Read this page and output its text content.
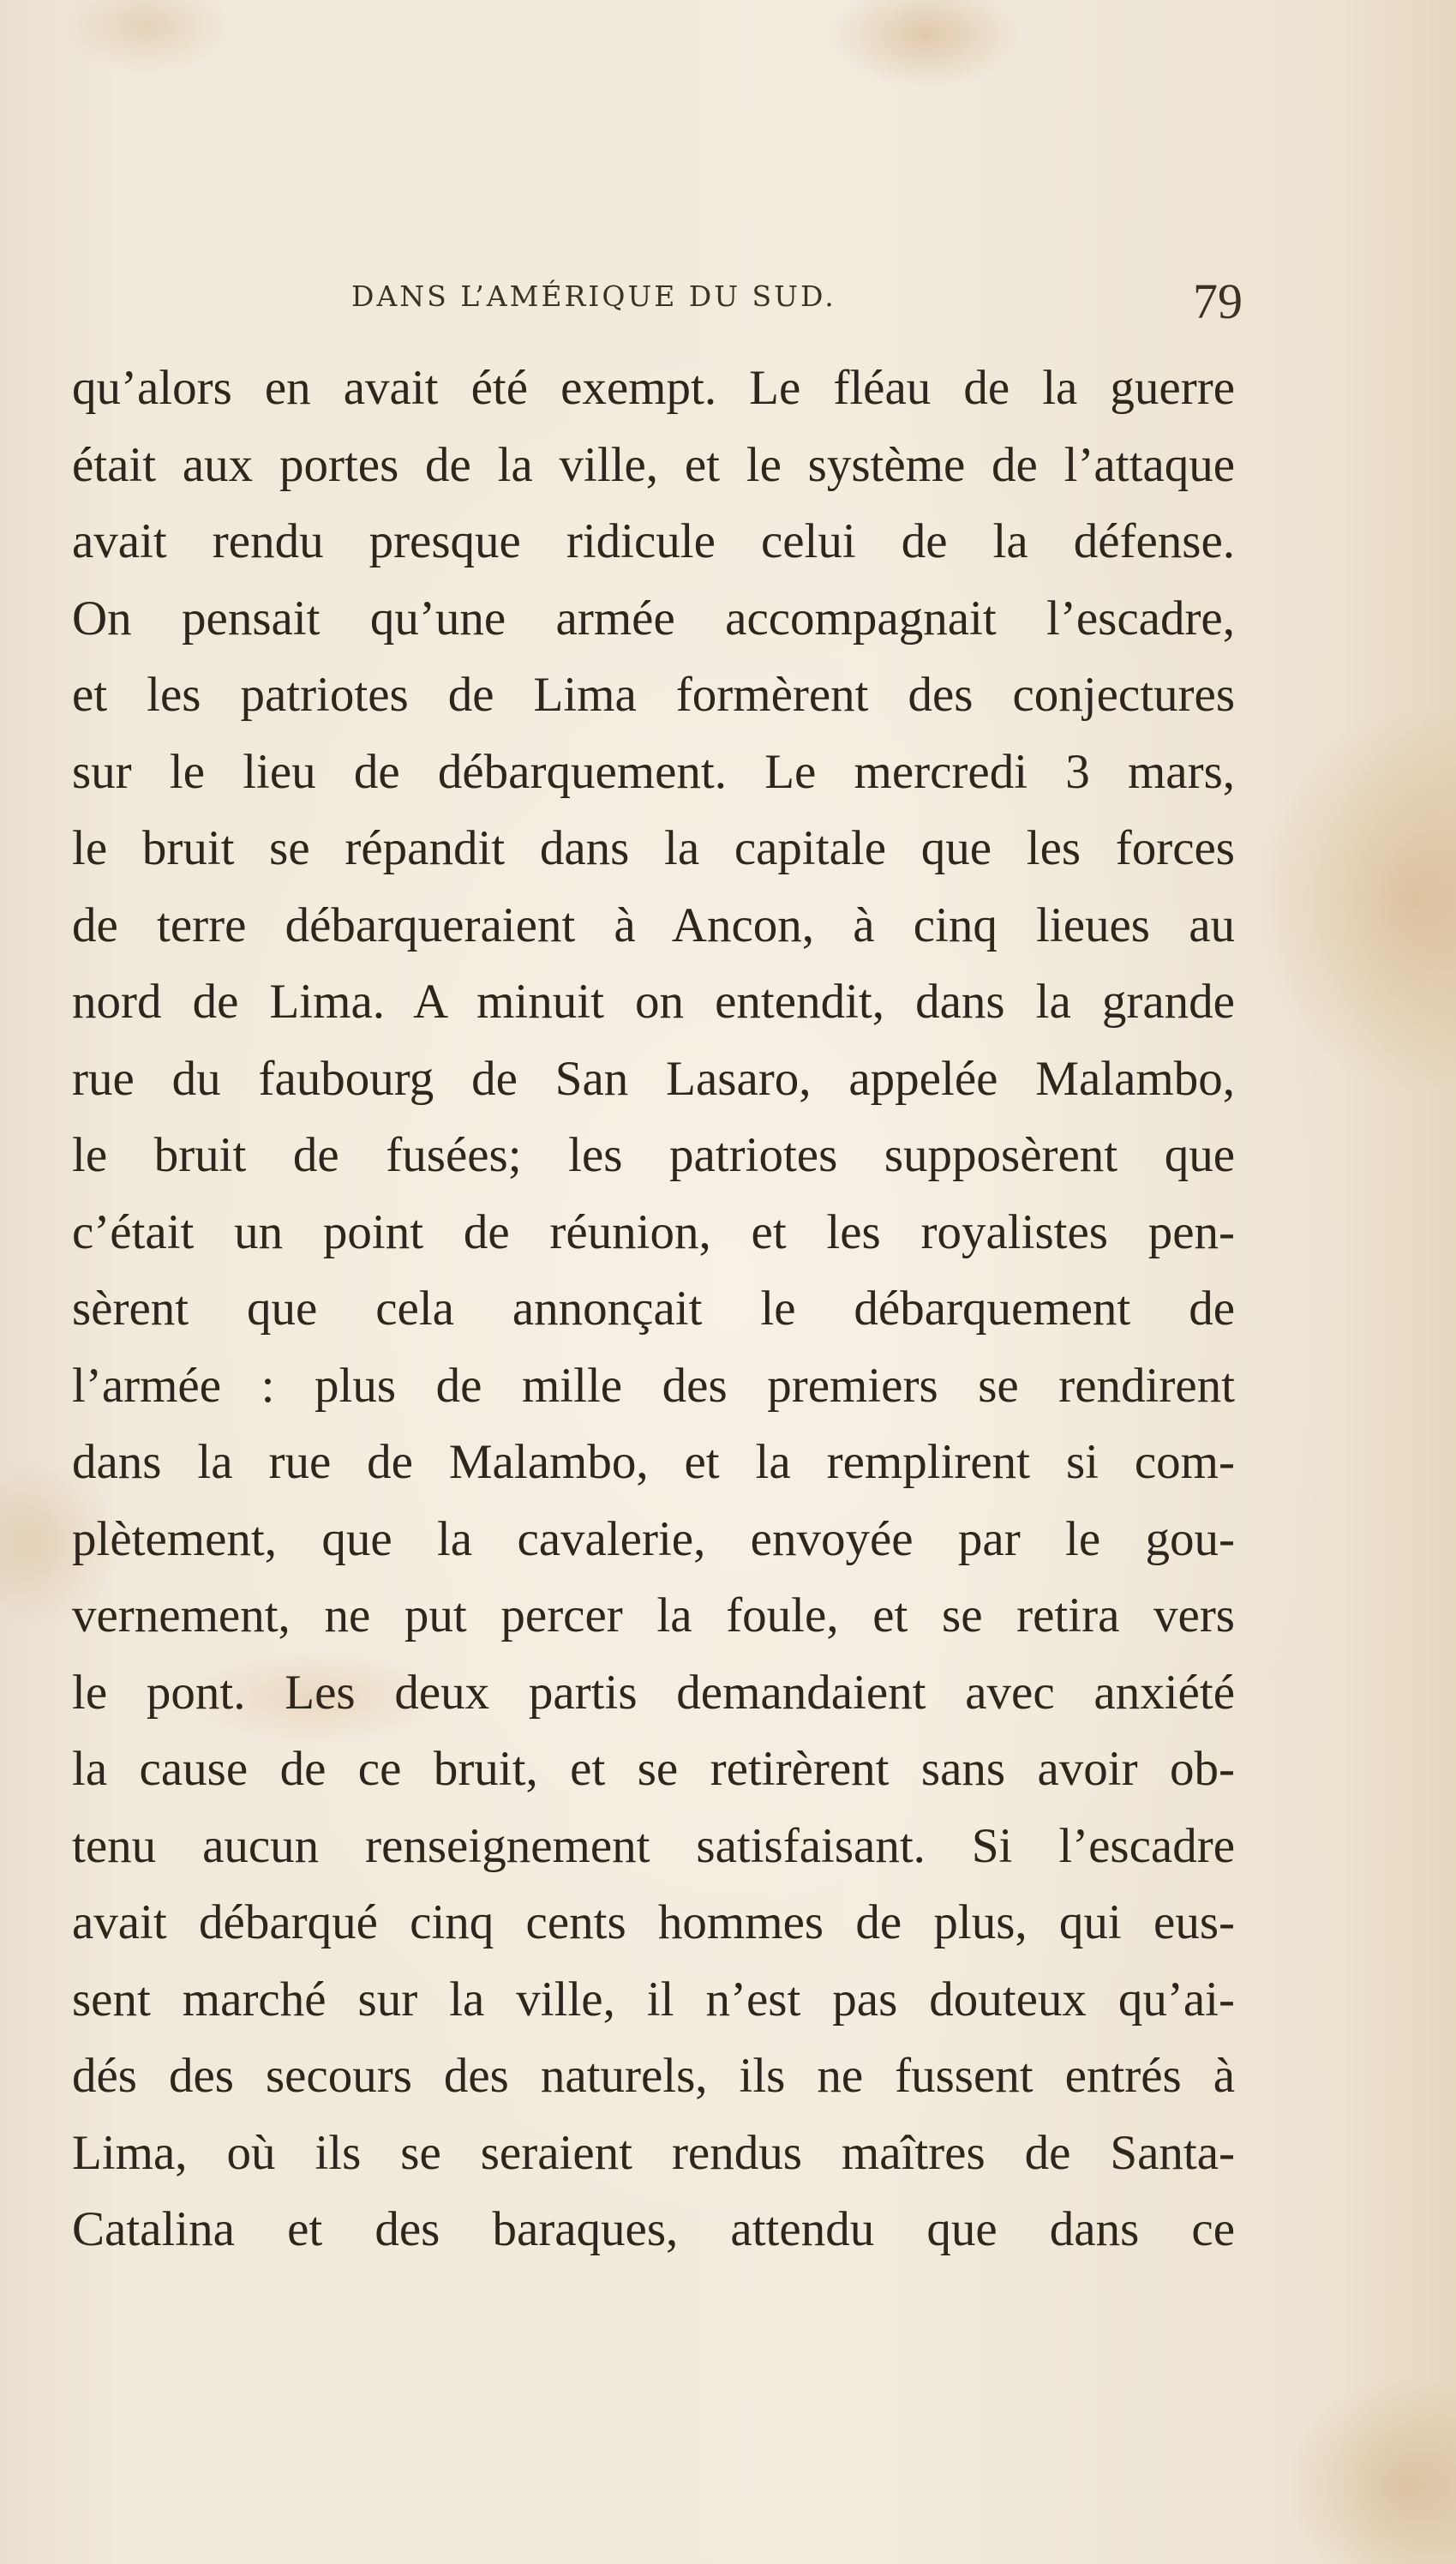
DANS L’AMÉRIQUE DU SUD.	79
qu’alors en avait été exempt. Le fléau de la guerre
était aux portes de la ville, et le système de l’attaque
avait rendu presque ridicule celui de la défense.
On pensait qu’une armée accompagnait l’escadre,
et les patriotes de Lima formèrent des conjectures
sur le lieu de débarquement. Le mercredi 3 mars,
le bruit se répandit dans la capitale que les forces
de terre débarqueraient à Ancon, à cinq lieues au
nord de Lima. A minuit on entendit, dans la grande
rue du faubourg de San Lasaro, appelée Malambo,
le bruit de fusées; les patriotes supposèrent que
c’était un point de réunion, et les royalistes pen-
sèrent que cela annonçait le débarquement de
l’armée : plus de mille des premiers se rendirent
dans la rue de Malambo, et la remplirent si com-
plètement, que la cavalerie, envoyée par le gou-
vernement, ne put percer la foule, et se retira vers
le pont. Les deux partis demandaient avec anxiété
la cause de ce bruit, et se retirèrent sans avoir ob-
tenu aucun renseignement satisfaisant. Si l’escadre
avait débarqué cinq cents hommes de plus, qui eus-
sent marché sur la ville, il n’est pas douteux qu’ai-
dés des secours des naturels, ils ne fussent entrés à
Lima, où ils se seraient rendus maîtres de Santa-
Catalina et des baraques, attendu que dans ce
